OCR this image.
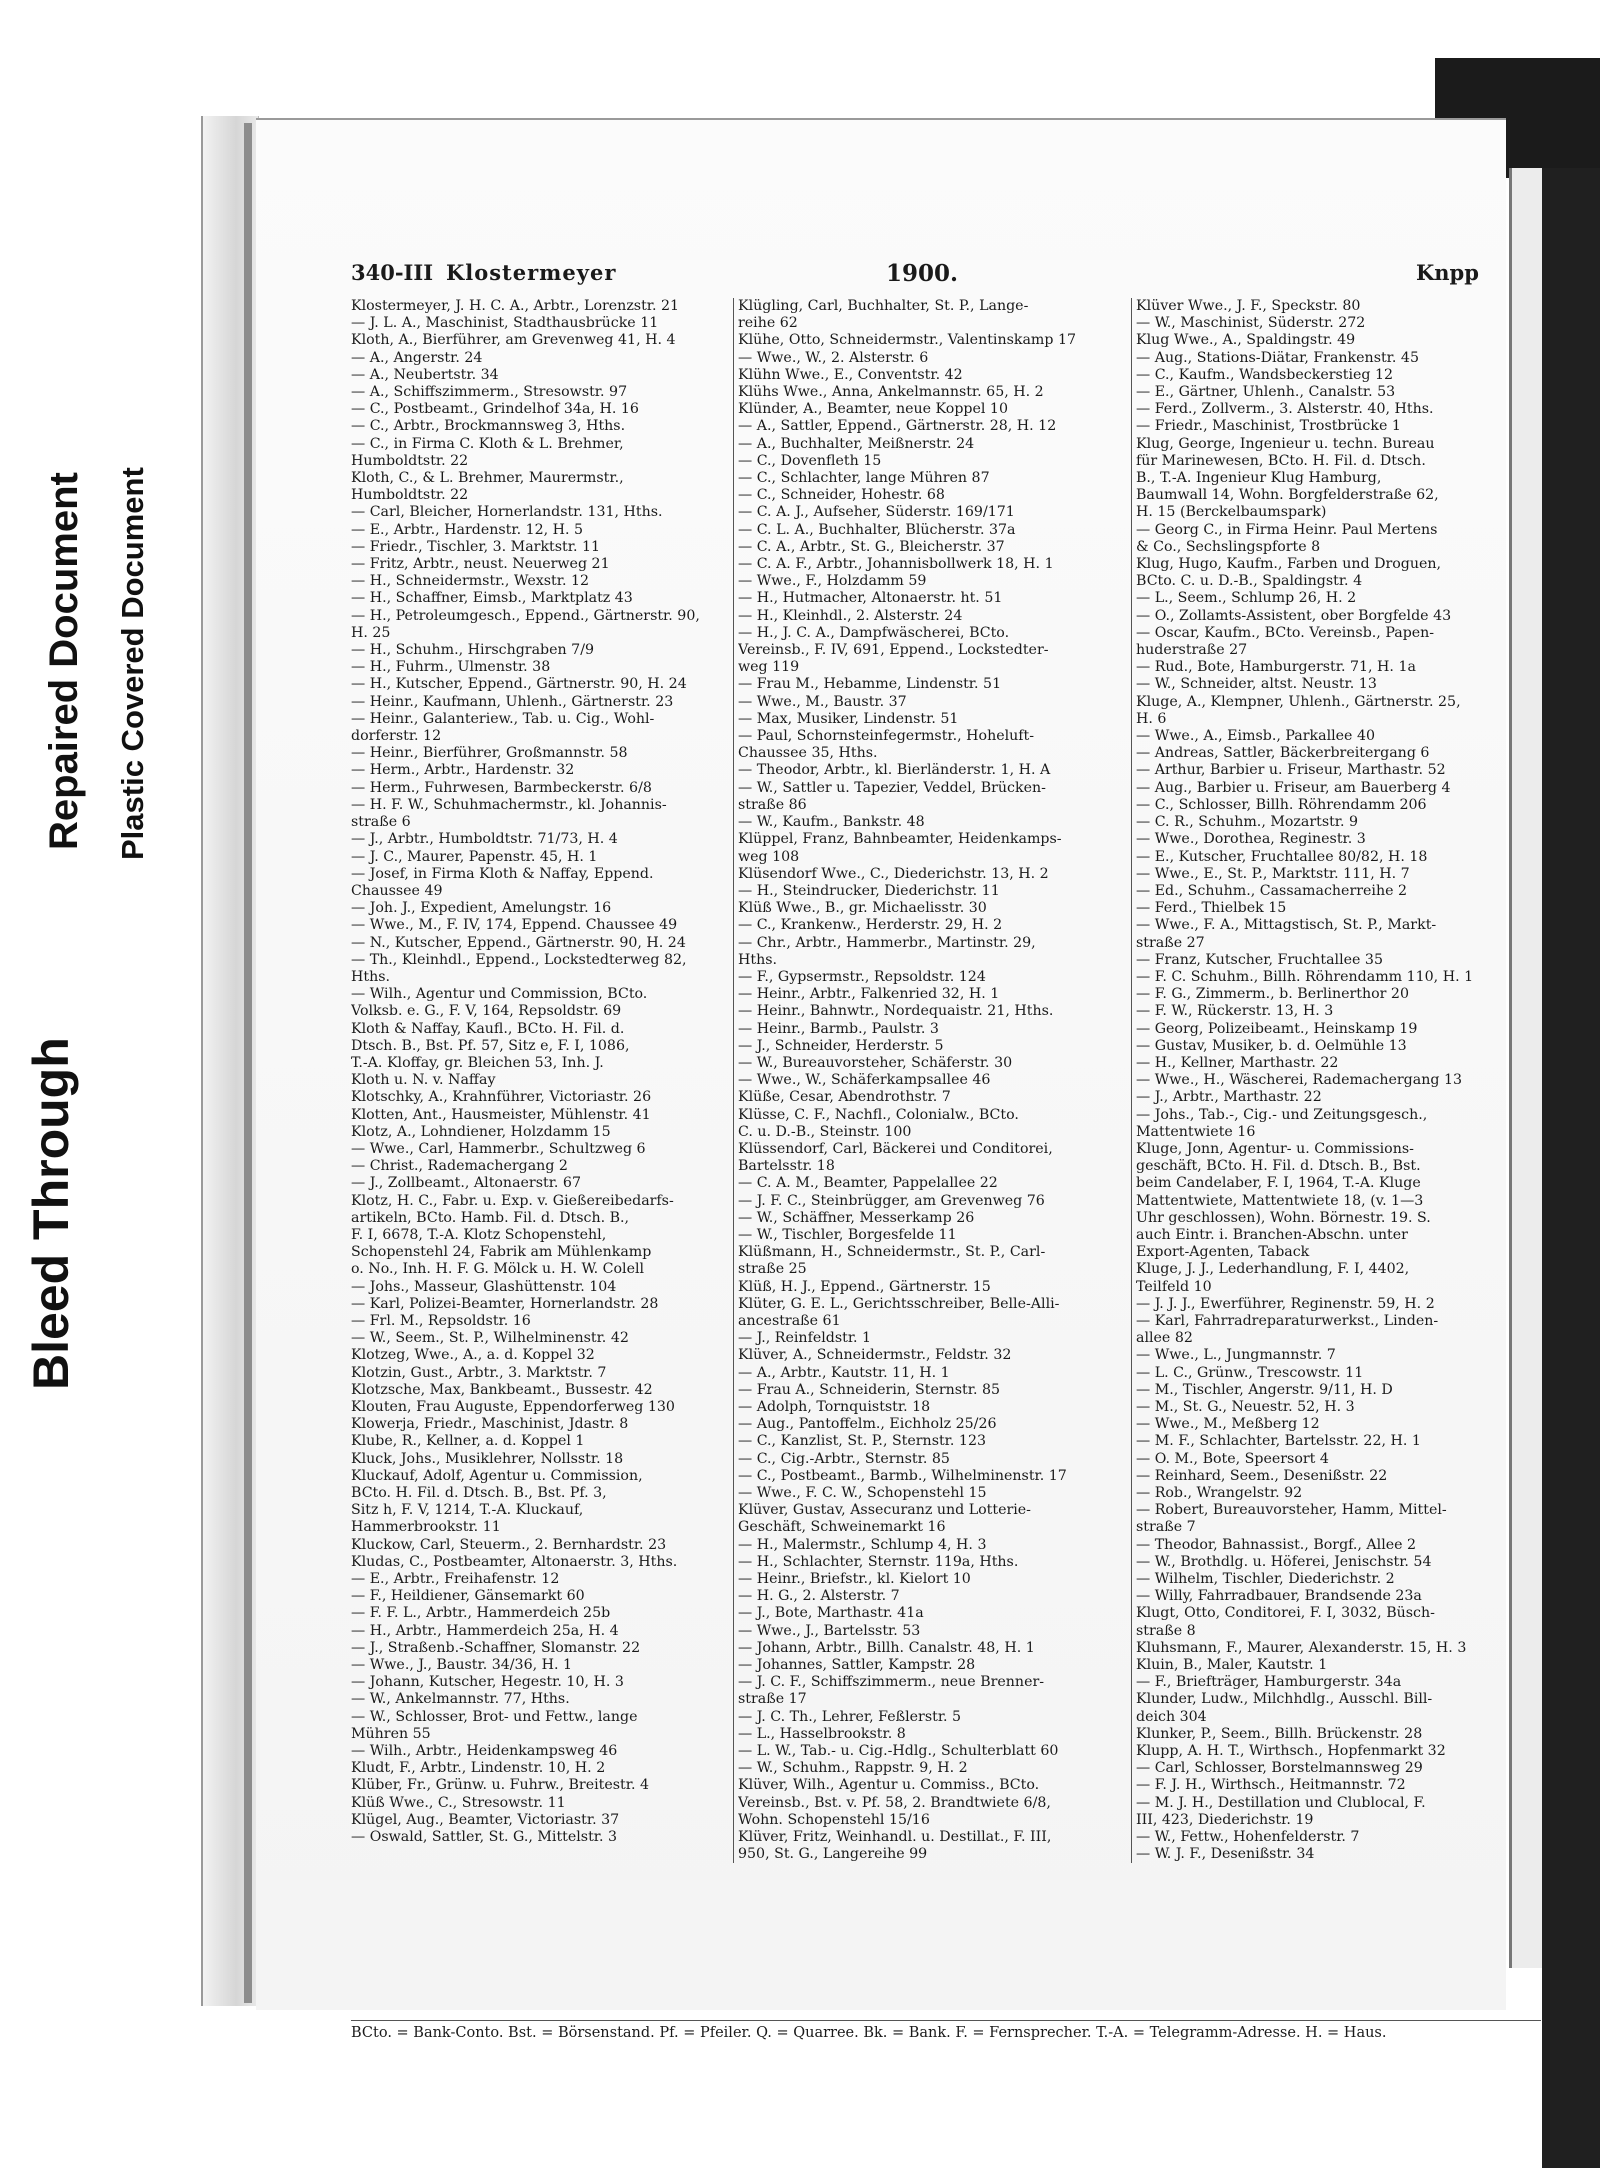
Bleed Through
Repaired Document Plastic Covered Document
340-III Klostermeyer	1900.	Knpp
Klostermeyer, J. H. C. A., Arbtr., Lorenzstr. 21
— J. L. A., Maschinist, Stadthausbrücke 11
Kloth, A., Bierführer, am Grevenweg 41, H. 4
— A., Angerstr. 24
— A., Neubertstr. 34
— A., Schiffszimmerm., Stresowstr. 97
— C., Postbeamt., Grindelhof 34a, H. 16
— C., Arbtr., Brockmannsweg 3, Hths.
— C., in Firma C. Kloth & L. Brehmer,
Humboldtstr. 22
Kloth, C., & L. Brehmer, Maurermstr.,
Humboldtstr. 22
— Carl, Bleicher, Hornerlandstr. 131, Hths.
— E., Arbtr., Hardenstr. 12, H. 5
— Friedr., Tischler, 3. Marktstr. 11
— Fritz, Arbtr., neust. Neuerweg 21
— H., Schneidermstr., Wexstr. 12
— H., Schaffner, Eimsb., Marktplatz 43
— H., Petroleumgesch., Eppend., Gärtnerstr. 90,
H. 25
— H., Schuhm., Hirschgraben 7/9
— H., Fuhrm., Ulmenstr. 38
— H., Kutscher, Eppend., Gärtnerstr. 90, H. 24
— Heinr., Kaufmann, Uhlenh., Gärtnerstr. 23
— Heinr., Galanteriew., Tab. u. Cig., Wohl-
dorferstr. 12
— Heinr., Bierführer, Großmannstr. 58
— Herm., Arbtr., Hardenstr. 32
— Herm., Fuhrwesen, Barmbeckerstr. 6/8
— H. F. W., Schuhmachermstr., kl. Johannis-
straße 6
— J., Arbtr., Humboldtstr. 71/73, H. 4
— J. C., Maurer, Papenstr. 45, H. 1
— Josef, in Firma Kloth & Naffay, Eppend.
Chaussee 49
— Joh. J., Expedient, Amelungstr. 16
— Wwe., M., F. IV, 174, Eppend. Chaussee 49
— N., Kutscher, Eppend., Gärtnerstr. 90, H. 24
— Th., Kleinhdl., Eppend., Lockstedterweg 82,
Hths.
— Wilh., Agentur und Commission, BCto.
Volksb. e. G., F. V, 164, Repsoldstr. 69
Kloth & Naffay, Kaufl., BCto. H. Fil. d.
Dtsch. B., Bst. Pf. 57, Sitz e, F. I, 1086,
T.-A. Kloffay, gr. Bleichen 53, Inh. J.
Kloth u. N. v. Naffay
Klotschky, A., Krahnführer, Victoriastr. 26
Klotten, Ant., Hausmeister, Mühlenstr. 41
Klotz, A., Lohndiener, Holzdamm 15
— Wwe., Carl, Hammerbr., Schultzweg 6
— Christ., Rademachergang 2
— J., Zollbeamt., Altonaerstr. 67
Klotz, H. C., Fabr. u. Exp. v. Gießereibedarfs-
artikeln, BCto. Hamb. Fil. d. Dtsch. B.,
F. I, 6678, T.-A. Klotz Schopenstehl,
Schopenstehl 24, Fabrik am Mühlenkamp
o. No., Inh. H. F. G. Mölck u. H. W. Colell
— Johs., Masseur, Glashüttenstr. 104
— Karl, Polizei-Beamter, Hornerlandstr. 28
— Frl. M., Repsoldstr. 16
— W., Seem., St. P., Wilhelminenstr. 42
Klotzeg, Wwe., A., a. d. Koppel 32
Klotzin, Gust., Arbtr., 3. Marktstr. 7
Klotzsche, Max, Bankbeamt., Bussestr. 42
Klouten, Frau Auguste, Eppendorferweg 130
Klowerja, Friedr., Maschinist, Jdastr. 8
Klube, R., Kellner, a. d. Koppel 1
Kluck, Johs., Musiklehrer, Nollsstr. 18
Kluckauf, Adolf, Agentur u. Commission,
BCto. H. Fil. d. Dtsch. B., Bst. Pf. 3,
Sitz h, F. V, 1214, T.-A. Kluckauf,
Hammerbrookstr. 11
Kluckow, Carl, Steuerm., 2. Bernhardstr. 23
Kludas, C., Postbeamter, Altonaerstr. 3, Hths.
— E., Arbtr., Freihafenstr. 12
— F., Heildiener, Gänsemarkt 60
— F. F. L., Arbtr., Hammerdeich 25b
— H., Arbtr., Hammerdeich 25a, H. 4
— J., Straßenb.-Schaffner, Slomanstr. 22
— Wwe., J., Baustr. 34/36, H. 1
— Johann, Kutscher, Hegestr. 10, H. 3
— W., Ankelmannstr. 77, Hths.
— W., Schlosser, Brot- und Fettw., lange
Mühren 55
— Wilh., Arbtr., Heidenkampsweg 46
Kludt, F., Arbtr., Lindenstr. 10, H. 2
Klüber, Fr., Grünw. u. Fuhrw., Breitestr. 4
Klüß Wwe., C., Stresowstr. 11
Klügel, Aug., Beamter, Victoriastr. 37
— Oswald, Sattler, St. G., Mittelstr. 3
Klügling, Carl, Buchhalter, St. P., Lange-
reihe 62
Klühe, Otto, Schneidermstr., Valentinskamp 17
— Wwe., W., 2. Alsterstr. 6
Klühn Wwe., E., Conventstr. 42
Klühs Wwe., Anna, Ankelmannstr. 65, H. 2
Klünder, A., Beamter, neue Koppel 10
— A., Sattler, Eppend., Gärtnerstr. 28, H. 12
— A., Buchhalter, Meißnerstr. 24
— C., Dovenfleth 15
— C., Schlachter, lange Mühren 87
— C., Schneider, Hohestr. 68
— C. A. J., Aufseher, Süderstr. 169/171
— C. L. A., Buchhalter, Blücherstr. 37a
— C. A., Arbtr., St. G., Bleicherstr. 37
— C. A. F., Arbtr., Johannisbollwerk 18, H. 1
— Wwe., F., Holzdamm 59
— H., Hutmacher, Altonaerstr. ht. 51
— H., Kleinhdl., 2. Alsterstr. 24
— H., J. C. A., Dampfwäscherei, BCto.
Vereinsb., F. IV, 691, Eppend., Lockstedter-
weg 119
— Frau M., Hebamme, Lindenstr. 51
— Wwe., M., Baustr. 37
— Max, Musiker, Lindenstr. 51
— Paul, Schornsteinfegermstr., Hoheluft-
Chaussee 35, Hths.
— Theodor, Arbtr., kl. Bierländerstr. 1, H. A
— W., Sattler u. Tapezier, Veddel, Brücken-
straße 86
— W., Kaufm., Bankstr. 48
Klüppel, Franz, Bahnbeamter, Heidenkamps-
weg 108
Klüsendorf Wwe., C., Diederichstr. 13, H. 2
— H., Steindrucker, Diederichstr. 11
Klüß Wwe., B., gr. Michaelisstr. 30
— C., Krankenw., Herderstr. 29, H. 2
— Chr., Arbtr., Hammerbr., Martinstr. 29,
Hths.
— F., Gypsermstr., Repsoldstr. 124
— Heinr., Arbtr., Falkenried 32, H. 1
— Heinr., Bahnwtr., Nordequaistr. 21, Hths.
— Heinr., Barmb., Paulstr. 3
— J., Schneider, Herderstr. 5
— W., Bureauvorsteher, Schäferstr. 30
— Wwe., W., Schäferkampsallee 46
Klüße, Cesar, Abendrothstr. 7
Klüsse, C. F., Nachfl., Colonialw., BCto.
C. u. D.-B., Steinstr. 100
Klüssendorf, Carl, Bäckerei und Conditorei,
Bartelsstr. 18
— C. A. M., Beamter, Pappelallee 22
— J. F. C., Steinbrügger, am Grevenweg 76
— W., Schäffner, Messerkamp 26
— W., Tischler, Borgesfelde 11
Klüßmann, H., Schneidermstr., St. P., Carl-
straße 25
Klüß, H. J., Eppend., Gärtnerstr. 15
Klüter, G. E. L., Gerichtsschreiber, Belle-Alli-
ancestraße 61
— J., Reinfeldstr. 1
Klüver, A., Schneidermstr., Feldstr. 32
— A., Arbtr., Kautstr. 11, H. 1
— Frau A., Schneiderin, Sternstr. 85
— Adolph, Tornquiststr. 18
— Aug., Pantoffelm., Eichholz 25/26
— C., Kanzlist, St. P., Sternstr. 123
— C., Cig.-Arbtr., Sternstr. 85
— C., Postbeamt., Barmb., Wilhelminenstr. 17
— Wwe., F. C. W., Schopenstehl 15
Klüver, Gustav, Assecuranz und Lotterie-
Geschäft, Schweinemarkt 16
— H., Malermstr., Schlump 4, H. 3
— H., Schlachter, Sternstr. 119a, Hths.
— Heinr., Briefstr., kl. Kielort 10
— H. G., 2. Alsterstr. 7
— J., Bote, Marthastr. 41a
— Wwe., J., Bartelsstr. 53
— Johann, Arbtr., Billh. Canalstr. 48, H. 1
— Johannes, Sattler, Kampstr. 28
— J. C. F., Schiffszimmerm., neue Brenner-
straße 17
— J. C. Th., Lehrer, Feßlerstr. 5
— L., Hasselbrookstr. 8
— L. W., Tab.- u. Cig.-Hdlg., Schulterblatt 60
— W., Schuhm., Rappstr. 9, H. 2
Klüver, Wilh., Agentur u. Commiss., BCto.
Vereinsb., Bst. v. Pf. 58, 2. Brandtwiete 6/8,
Wohn. Schopenstehl 15/16
Klüver, Fritz, Weinhandl. u. Destillat., F. III,
950, St. G., Langereihe 99
Klüver Wwe., J. F., Speckstr. 80
— W., Maschinist, Süderstr. 272
Klug Wwe., A., Spaldingstr. 49
— Aug., Stations-Diätar, Frankenstr. 45
— C., Kaufm., Wandsbeckerstieg 12
— E., Gärtner, Uhlenh., Canalstr. 53
— Ferd., Zollverm., 3. Alsterstr. 40, Hths.
— Friedr., Maschinist, Trostbrücke 1
Klug, George, Ingenieur u. techn. Bureau
für Marinewesen, BCto. H. Fil. d. Dtsch.
B., T.-A. Ingenieur Klug Hamburg,
Baumwall 14, Wohn. Borgfelderstraße 62,
H. 15 (Berckelbaumspark)
— Georg C., in Firma Heinr. Paul Mertens
& Co., Sechslingspforte 8
Klug, Hugo, Kaufm., Farben und Droguen,
BCto. C. u. D.-B., Spaldingstr. 4
— L., Seem., Schlump 26, H. 2
— O., Zollamts-Assistent, ober Borgfelde 43
— Oscar, Kaufm., BCto. Vereinsb., Papen-
huderstraße 27
— Rud., Bote, Hamburgerstr. 71, H. 1a
— W., Schneider, altst. Neustr. 13
Kluge, A., Klempner, Uhlenh., Gärtnerstr. 25,
H. 6
— Wwe., A., Eimsb., Parkallee 40
— Andreas, Sattler, Bäckerbreitergang 6
— Arthur, Barbier u. Friseur, Marthastr. 52
— Aug., Barbier u. Friseur, am Bauerberg 4
— C., Schlosser, Billh. Röhrendamm 206
— C. R., Schuhm., Mozartstr. 9
— Wwe., Dorothea, Reginestr. 3
— E., Kutscher, Fruchtallee 80/82, H. 18
— Wwe., E., St. P., Marktstr. 111, H. 7
— Ed., Schuhm., Cassamacherreihe 2
— Ferd., Thielbek 15
— Wwe., F. A., Mittagstisch, St. P., Markt-
straße 27
— Franz, Kutscher, Fruchtallee 35
— F. C. Schuhm., Billh. Röhrendamm 110, H. 1
— F. G., Zimmerm., b. Berlinerthor 20
— F. W., Rückerstr. 13, H. 3
— Georg, Polizeibeamt., Heinskamp 19
— Gustav, Musiker, b. d. Oelmühle 13
— H., Kellner, Marthastr. 22
— Wwe., H., Wäscherei, Rademachergang 13
— J., Arbtr., Marthastr. 22
— Johs., Tab.-, Cig.- und Zeitungsgesch.,
Mattentwiete 16
Kluge, Jonn, Agentur- u. Commissions-
geschäft, BCto. H. Fil. d. Dtsch. B., Bst.
beim Candelaber, F. I, 1964, T.-A. Kluge
Mattentwiete, Mattentwiete 18, (v. 1—3
Uhr geschlossen), Wohn. Börnestr. 19. S.
auch Eintr. i. Branchen-Abschn. unter
Export-Agenten, Taback
Kluge, J. J., Lederhandlung, F. I, 4402,
Teilfeld 10
— J. J. J., Ewerführer, Reginenstr. 59, H. 2
— Karl, Fahrradreparaturwerkst., Linden-
allee 82
— Wwe., L., Jungmannstr. 7
— L. C., Grünw., Trescowstr. 11
— M., Tischler, Angerstr. 9/11, H. D
— M., St. G., Neuestr. 52, H. 3
— Wwe., M., Meßberg 12
— M. F., Schlachter, Bartelsstr. 22, H. 1
— O. M., Bote, Speersort 4
— Reinhard, Seem., Desenißstr. 22
— Rob., Wrangelstr. 92
— Robert, Bureauvorsteher, Hamm, Mittel-
straße 7
— Theodor, Bahnassist., Borgf., Allee 2
— W., Brothdlg. u. Höferei, Jenischstr. 54
— Wilhelm, Tischler, Diederichstr. 2
— Willy, Fahrradbauer, Brandsende 23a
Klugt, Otto, Conditorei, F. I, 3032, Büsch-
straße 8
Kluhsmann, F., Maurer, Alexanderstr. 15, H. 3
Kluin, B., Maler, Kautstr. 1
— F., Briefträger, Hamburgerstr. 34a
Klunder, Ludw., Milchhdlg., Ausschl. Bill-
deich 304
Klunker, P., Seem., Billh. Brückenstr. 28
Klupp, A. H. T., Wirthsch., Hopfenmarkt 32
— Carl, Schlosser, Borstelmannsweg 29
— F. J. H., Wirthsch., Heitmannstr. 72
— M. J. H., Destillation und Clublocal, F.
III, 423, Diederichstr. 19
— W., Fettw., Hohenfelderstr. 7
— W. J. F., Desenißstr. 34
BCto. = Bank-Conto. Bst. = Börsenstand. Pf. = Pfeiler. Q. = Quarree. Bk. = Bank. F. = Fernsprecher. T.-A. = Telegramm-Adresse. H. = Haus.
